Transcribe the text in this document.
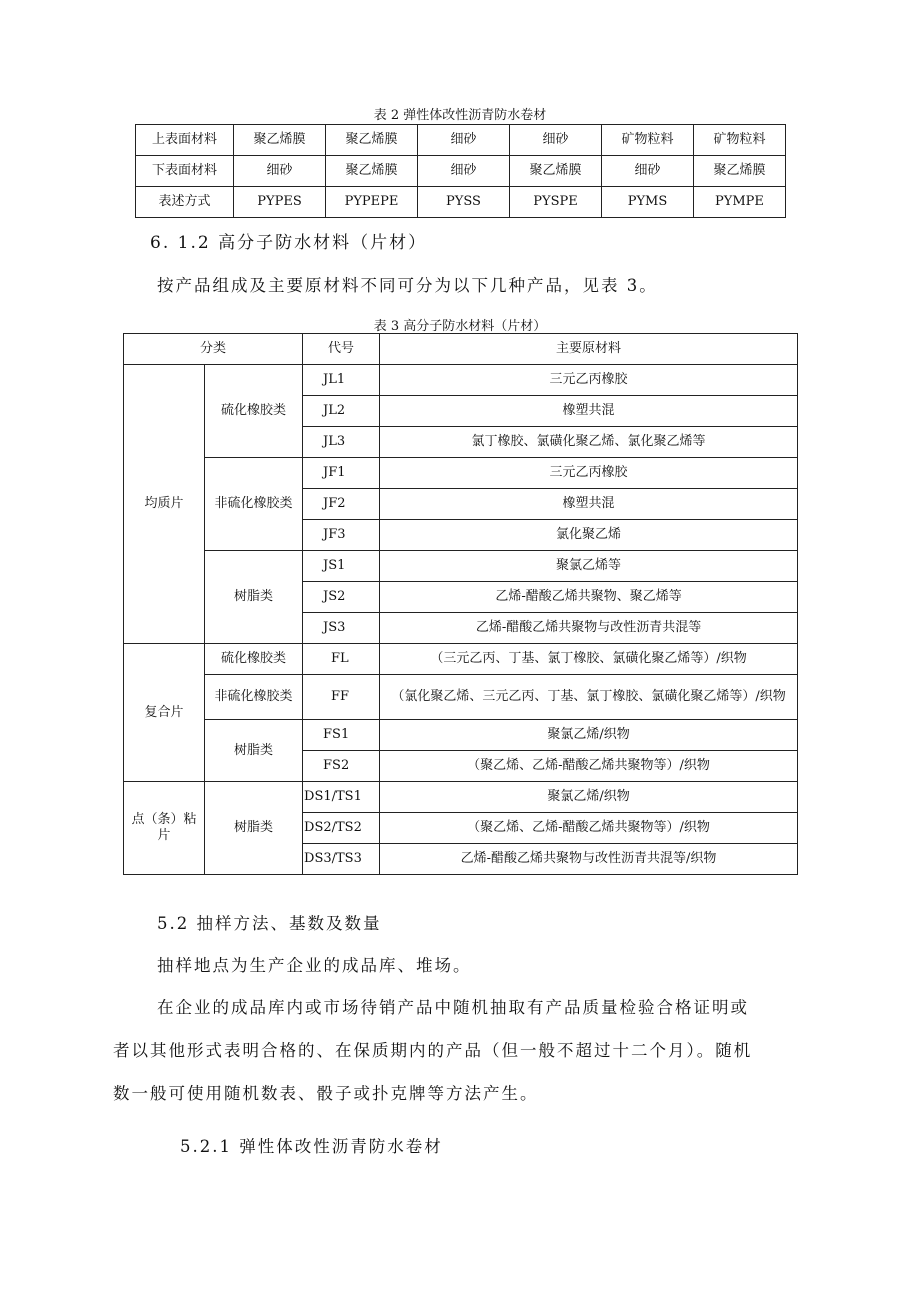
表 2 弹性体改性沥青防水卷材
上表面材料	聚乙烯膜	聚乙烯膜	细砂	细砂	矿物粒料	矿物粒料
下表面材料	细砂	聚乙烯膜	细砂	聚乙烯膜	细砂	聚乙烯膜
表述方式	PYPES	PYPEPE	PYSS	PYSPE	PYMS	PYMPE
6. 1.2 高分子防水材料（片材）
按产品组成及主要原材料不同可分为以下几种产品，见表 3。
表 3 高分子防水材料（片材）
分类		代号	主要原材料
均质片	硫化橡胶类	JL1	三元乙丙橡胶
		JL2	橡塑共混
		JL3	氯丁橡胶、氯磺化聚乙烯、氯化聚乙烯等
	非硫化橡胶类	JF1	三元乙丙橡胶
		JF2	橡塑共混
		JF3	氯化聚乙烯
	树脂类	JS1	聚氯乙烯等
		JS2	乙烯-醋酸乙烯共聚物、聚乙烯等
		JS3	乙烯-醋酸乙烯共聚物与改性沥青共混等
复合片	硫化橡胶类	FL	（三元乙丙、丁基、氯丁橡胶、氯磺化聚乙烯等）/织物
	非硫化橡胶类	FF	（氯化聚乙烯、三元乙丙、丁基、氯丁橡胶、氯磺化聚乙烯等）/织物
	树脂类	FS1	聚氯乙烯/织物
		FS2	（聚乙烯、乙烯-醋酸乙烯共聚物等）/织物
点（条）粘片	树脂类	DS1/TS1	聚氯乙烯/织物
		DS2/TS2	（聚乙烯、乙烯-醋酸乙烯共聚物等）/织物
		DS3/TS3	乙烯-醋酸乙烯共聚物与改性沥青共混等/织物
5.2 抽样方法、基数及数量
抽样地点为生产企业的成品库、堆场。
在企业的成品库内或市场待销产品中随机抽取有产品质量检验合格证明或
者以其他形式表明合格的、在保质期内的产品（但一般不超过十二个月）。随机
数一般可使用随机数表、骰子或扑克牌等方法产生。
5.2.1 弹性体改性沥青防水卷材
